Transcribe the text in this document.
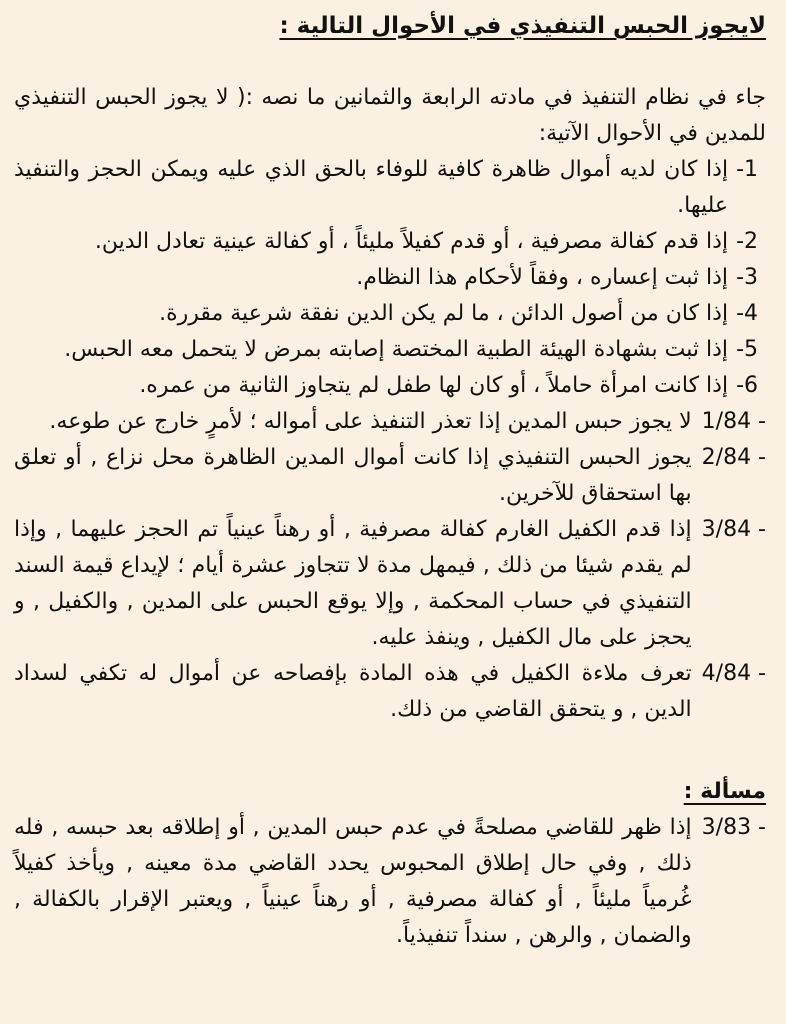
لايجوز الحبس التنفيذي في الأحوال التالية :

جاء في نظام التنفيذ في مادته الرابعة والثمانين ما نصه :( لا يجوز الحبس التنفيذي للمدين في الأحوال الآتية:

-1
إذا كان لديه أموال ظاهرة كافية للوفاء بالحق الذي عليه ويمكن الحجز والتنفيذ عليها.
-2
إذا قدم كفالة مصرفية ، أو قدم كفيلاً مليئاً ، أو كفالة عينية تعادل الدين.
-3
إذا ثبت إعساره ، وفقاً لأحكام هذا النظام.
-4
إذا كان من أصول الدائن ، ما لم يكن الدين نفقة شرعية مقررة.
-5
إذا ثبت بشهادة الهيئة الطبية المختصة إصابته بمرض لا يتحمل معه الحبس.
-6
إذا كانت امرأة حاملاً ، أو كان لها طفل لم يتجاوز الثانية من عمره.
1/84 -
لا يجوز حبس المدين إذا تعذر التنفيذ على أمواله ؛ لأمرٍ خارج عن طوعه.
2/84 -
يجوز الحبس التنفيذي إذا كانت أموال المدين الظاهرة محل نزاع , أو تعلق بها استحقاق للآخرين.
3/84 -
إذا قدم الكفيل الغارم كفالة مصرفية , أو رهناً عينياً تم الحجز عليهما , وإذا لم يقدم شيئا من ذلك , فيمهل مدة لا تتجاوز عشرة أيام ؛ لإيداع قيمة السند التنفيذي في حساب المحكمة , وإلا يوقع الحبس على المدين , والكفيل , و يحجز على مال الكفيل , وينفذ عليه.
4/84 -
تعرف ملاءة الكفيل في هذه المادة بإفصاحه عن أموال له تكفي لسداد الدين , و يتحقق القاضي من ذلك.

مسألة :

3/83 -
إذا ظهر للقاضي مصلحةً في عدم حبس المدين , أو إطلاقه بعد حبسه , فله ذلك , وفي حال إطلاق المحبوس يحدد القاضي مدة معينه , ويأخذ كفيلاً غُرمياً مليئاً , أو كفالة مصرفية , أو رهناً عينياً , ويعتبر الإقرار بالكفالة , والضمان , والرهن , سنداً تنفيذياً.
